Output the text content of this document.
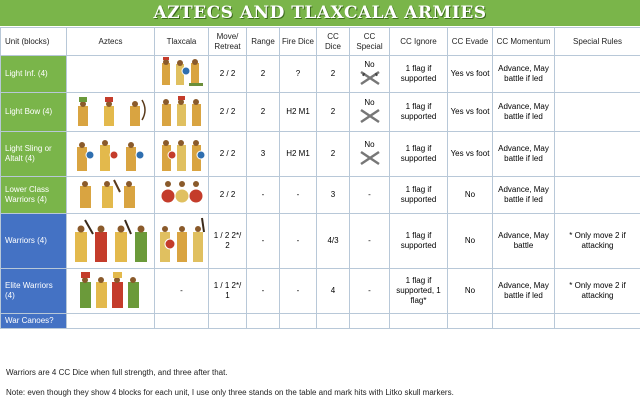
AZTECS AND TLAXCALA ARMIES
Unit (blocks)	Aztecs	Tlaxcala	Move/ Retreat	Range	Fire Dice	CC Dice	CC Special	CC Ignore	CC Evade	CC Momentum	Special Rules
Light Inf. (4)			2 / 2	2	?	2	No	1 flag if supported	Yes vs foot	Advance, May battle if led	
Light Bow (4)			2 / 2	2	H2 M1	2	No	1 flag if supported	Yes vs foot	Advance, May battle if led	
Light Sling or Altalt (4)			2 / 2	3	H2 M1	2	No	1 flag if supported	Yes vs foot	Advance, May battle if led	
Lower Class Warriors (4)			2 / 2	-	-	3	-	1 flag if supported	No	Advance, May battle if led	
Warriors (4)			1 / 2 2*/ 2	-	-	4/3	-	1 flag if supported	No	Advance, May battle	* Only move 2 if attacking
Elite Warriors (4)		-	1 / 1 2*/ 1	-	-	4	-	1 flag if supported, 1 flag*	No	Advance, May battle if led	* Only move 2 if attacking
War Canoes?											
Warriors are 4 CC Dice when full strength, and three after that.
Note: even though they show 4 blocks for each unit, I use only three stands on the table and mark hits with Litko skull markers.
